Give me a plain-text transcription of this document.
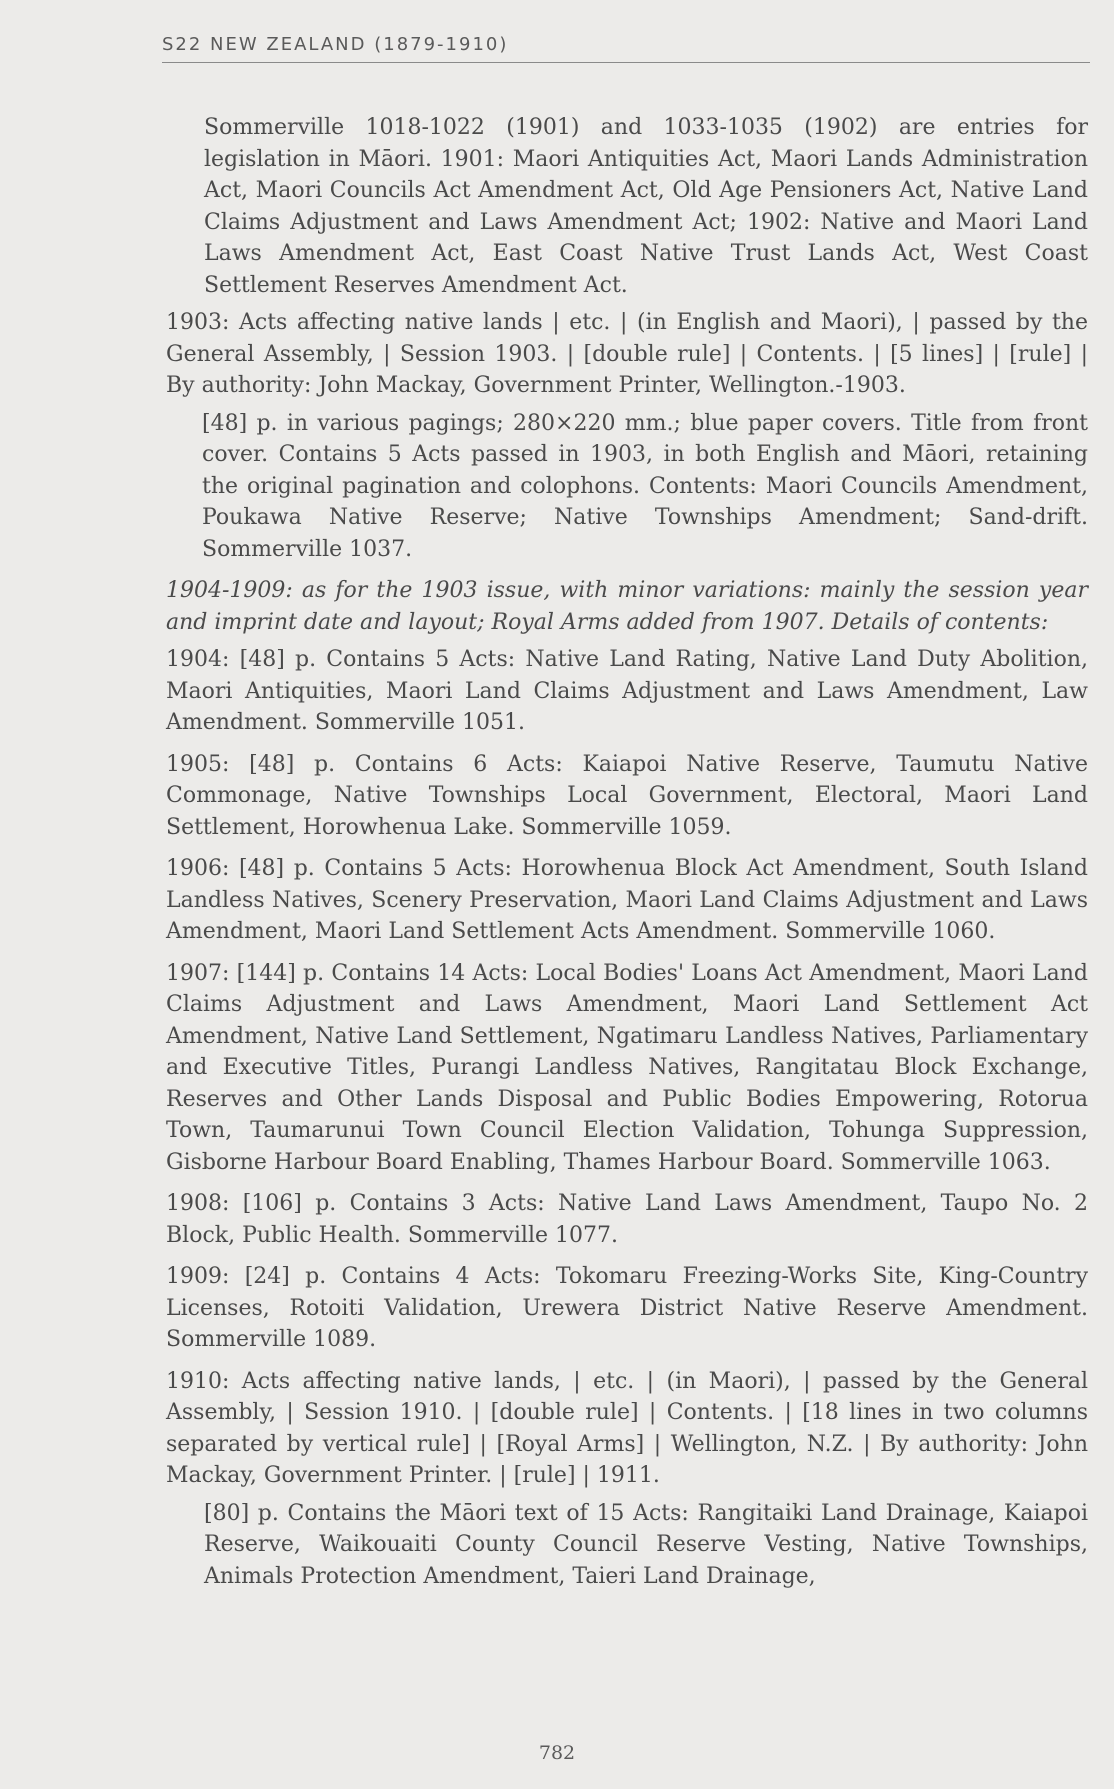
S22 NEW ZEALAND (1879-1910)

Sommerville 1018-1022 (1901) and 1033-1035 (1902) are entries for legislation in Māori. 1901: Maori Antiquities Act, Maori Lands Administration Act, Maori Councils Act Amendment Act, Old Age Pensioners Act, Native Land Claims Adjustment and Laws Amendment Act; 1902: Native and Maori Land Laws Amendment Act, East Coast Native Trust Lands Act, West Coast Settlement Reserves Amendment Act.

1903: Acts affecting native lands | etc. | (in English and Maori), | passed by the General Assembly, | Session 1903. | [double rule] | Contents. | [5 lines] | [rule] | By authority: John Mackay, Government Printer, Wellington.-1903.

[48] p. in various pagings; 280×220 mm.; blue paper covers. Title from front cover. Contains 5 Acts passed in 1903, in both English and Māori, retaining the original pagination and colophons. Contents: Maori Councils Amendment, Poukawa Native Reserve; Native Townships Amendment; Sand-drift. Sommerville 1037.

1904-1909: as for the 1903 issue, with minor variations: mainly the session year and imprint date and layout; Royal Arms added from 1907. Details of contents:

1904: [48] p. Contains 5 Acts: Native Land Rating, Native Land Duty Abolition, Maori Antiquities, Maori Land Claims Adjustment and Laws Amendment, Law Amendment. Sommerville 1051.

1905: [48] p. Contains 6 Acts: Kaiapoi Native Reserve, Taumutu Native Commonage, Native Townships Local Government, Electoral, Maori Land Settlement, Horowhenua Lake. Sommerville 1059.

1906: [48] p. Contains 5 Acts: Horowhenua Block Act Amendment, South Island Landless Natives, Scenery Preservation, Maori Land Claims Adjustment and Laws Amendment, Maori Land Settlement Acts Amendment. Sommerville 1060.

1907: [144] p. Contains 14 Acts: Local Bodies' Loans Act Amendment, Maori Land Claims Adjustment and Laws Amendment, Maori Land Settlement Act Amendment, Native Land Settlement, Ngatimaru Landless Natives, Parliamentary and Executive Titles, Purangi Landless Natives, Rangitatau Block Exchange, Reserves and Other Lands Disposal and Public Bodies Empowering, Rotorua Town, Taumarunui Town Council Election Validation, Tohunga Suppression, Gisborne Harbour Board Enabling, Thames Harbour Board. Sommerville 1063.

1908: [106] p. Contains 3 Acts: Native Land Laws Amendment, Taupo No. 2 Block, Public Health. Sommerville 1077.

1909: [24] p. Contains 4 Acts: Tokomaru Freezing-Works Site, King-Country Licenses, Rotoiti Validation, Urewera District Native Reserve Amendment. Sommerville 1089.

1910: Acts affecting native lands, | etc. | (in Maori), | passed by the General Assembly, | Session 1910. | [double rule] | Contents. | [18 lines in two columns separated by vertical rule] | [Royal Arms] | Wellington, N.Z. | By authority: John Mackay, Government Printer. | [rule] | 1911.

[80] p. Contains the Māori text of 15 Acts: Rangitaiki Land Drainage, Kaiapoi Reserve, Waikouaiti County Council Reserve Vesting, Native Townships, Animals Protection Amendment, Taieri Land Drainage,

782
